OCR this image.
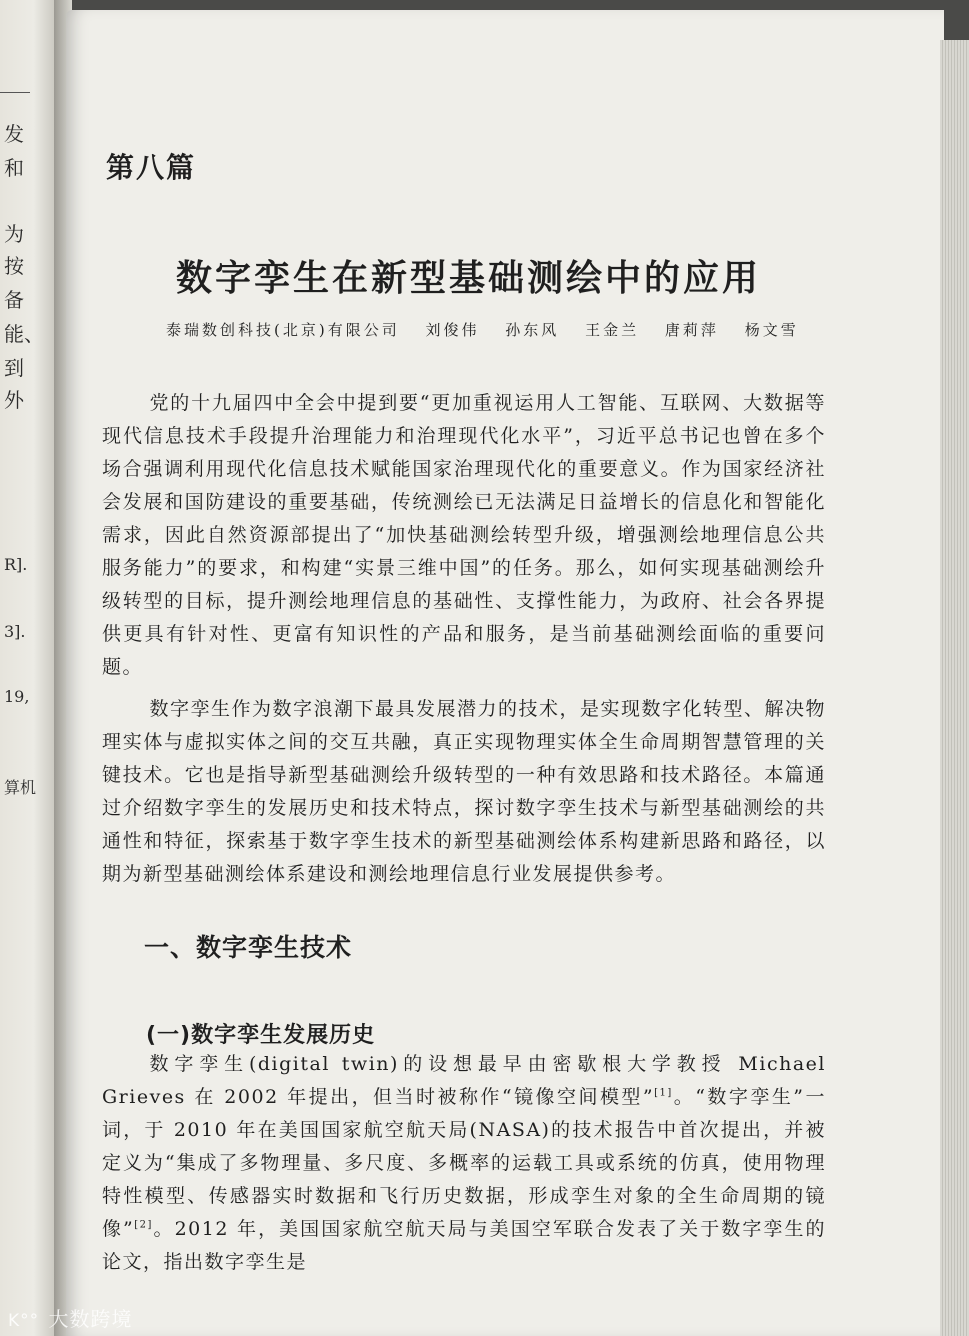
发
和
为
按
备
能、
到
外
R].
3].
19,
算机
第八篇
数字孪生在新型基础测绘中的应用
泰瑞数创科技(北京)有限公司 刘俊伟 孙东风 王金兰 唐莉萍 杨文雪

党的十九届四中全会中提到要“更加重视运用人工智能、互联网、大数据等现代信息技术手段提升治理能力和治理现代化水平”，习近平总书记也曾在多个场合强调利用现代化信息技术赋能国家治理现代化的重要意义。作为国家经济社会发展和国防建设的重要基础，传统测绘已无法满足日益增长的信息化和智能化需求，因此自然资源部提出了“加快基础测绘转型升级，增强测绘地理信息公共服务能力”的要求，和构建“实景三维中国”的任务。那么，如何实现基础测绘升级转型的目标，提升测绘地理信息的基础性、支撑性能力，为政府、社会各界提供更具有针对性、更富有知识性的产品和服务，是当前基础测绘面临的重要问题。

数字孪生作为数字浪潮下最具发展潜力的技术，是实现数字化转型、解决物理实体与虚拟实体之间的交互共融，真正实现物理实体全生命周期智慧管理的关键技术。它也是指导新型基础测绘升级转型的一种有效思路和技术路径。本篇通过介绍数字孪生的发展历史和技术特点，探讨数字孪生技术与新型基础测绘的共通性和特征，探索基于数字孪生技术的新型基础测绘体系构建新思路和路径，以期为新型基础测绘体系建设和测绘地理信息行业发展提供参考。

一、数字孪生技术
(一)数字孪生发展历史

数字孪生(digital twin)的设想最早由密歇根大学教授 Michael Grieves 在 2002 年提出，但当时被称作“镜像空间模型”[1]。“数字孪生”一词，于 2010 年在美国国家航空航天局(NASA)的技术报告中首次提出，并被定义为“集成了多物理量、多尺度、多概率的运载工具或系统的仿真，使用物理特性模型、传感器实时数据和飞行历史数据，形成孪生对象的全生命周期的镜像”[2]。2012 年，美国国家航空航天局与美国空军联合发表了关于数字孪生的论文，指出数字孪生是

K°° 大数跨境
